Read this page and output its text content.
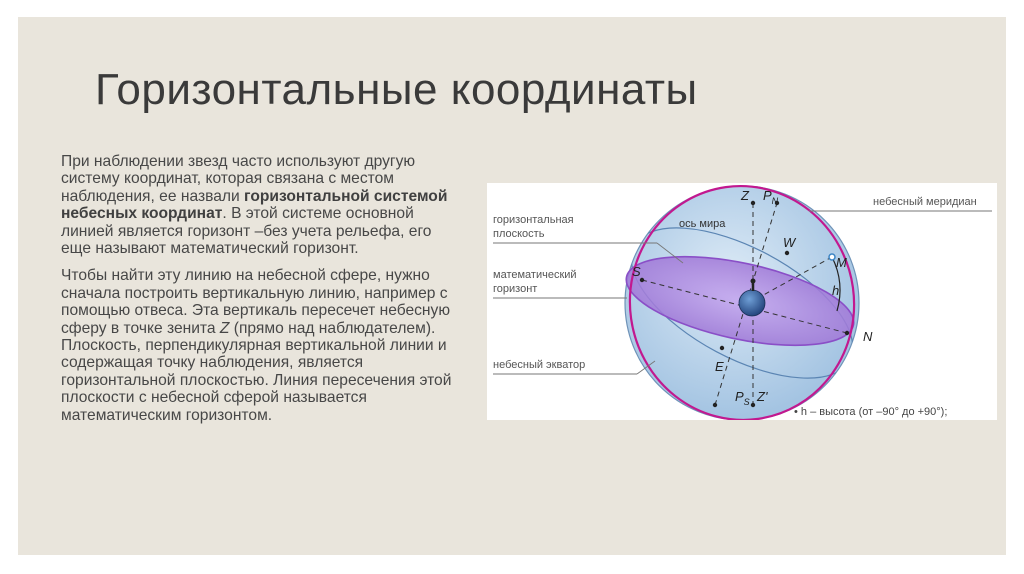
Горизонтальные координаты

При наблюдении звезд часто используют другую систему координат, которая связана с местом наблюдения, ее назвали горизонтальной системой небесных координат. В этой системе основной линией является горизонт –без учета рельефа, его еще называют математический горизонт.

Чтобы найти эту линию на небесной сфере, нужно сначала построить вертикальную линию, например с помощью отвеса. Эта вертикаль пересечет небесную сферу в точке зенита Z (прямо над наблюдателем). Плоскость, перпендикулярная вертикальной линии и содержащая точку наблюдения, является горизонтальной плоскостью. Линия пересечения этой плоскости с небесной сферой называется математическим горизонтом.

Z $P_N$
W
M
S
N
E
h
$P_S$ Z'
ось мира
горизонтальная
плоскость
математический
горизонт
небесный экватор
небесный меридиан
• h – высота (от –90° до +90°);
